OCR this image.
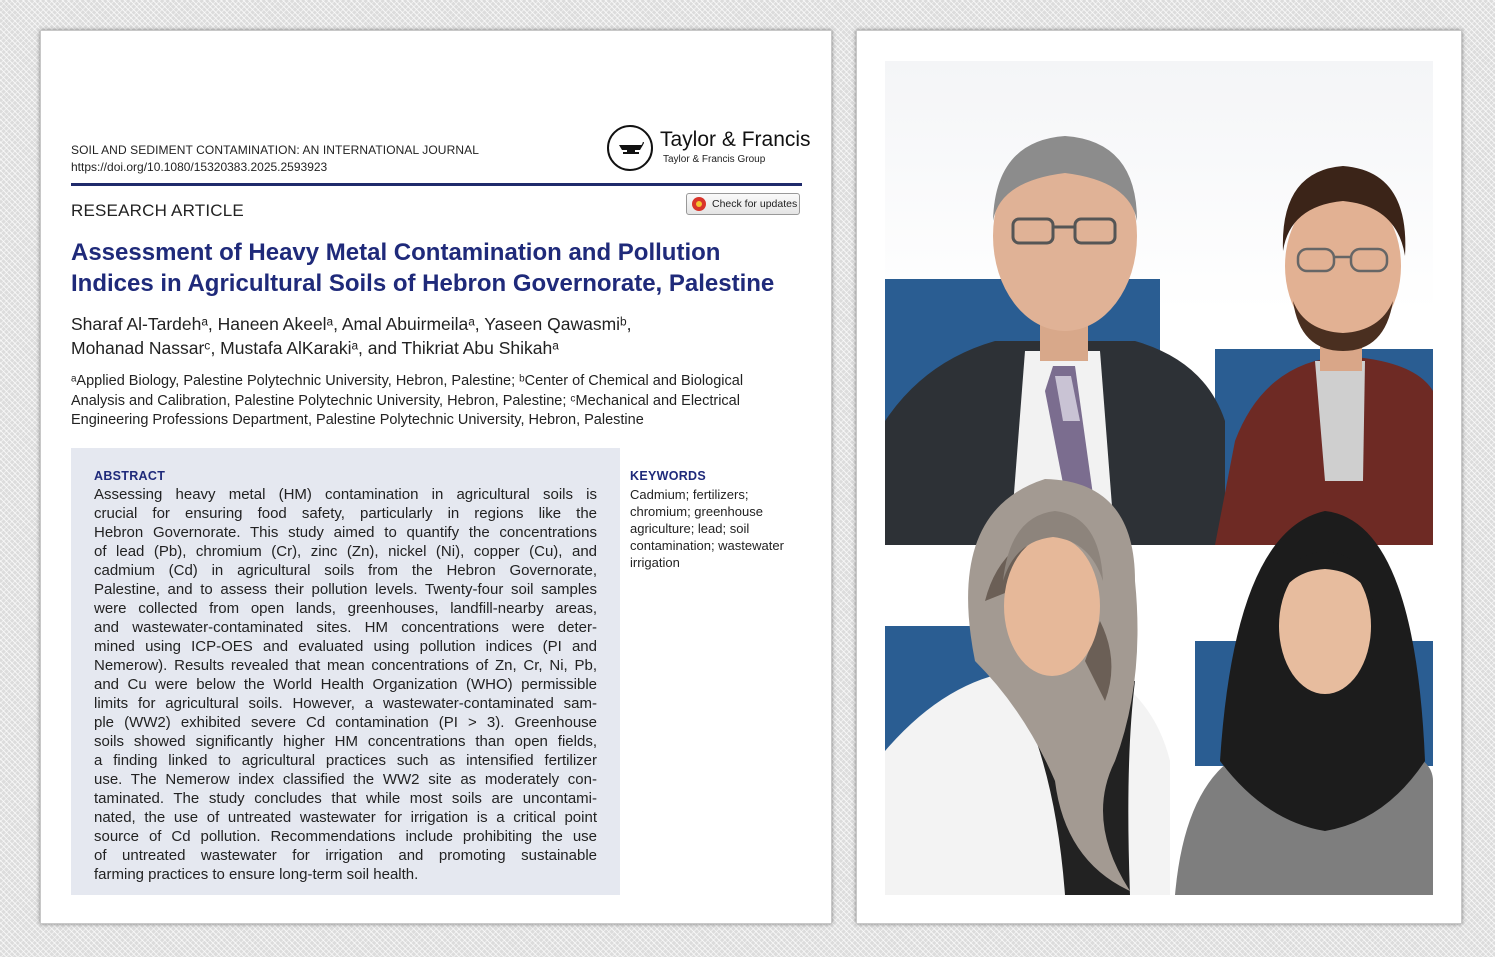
SOIL AND SEDIMENT CONTAMINATION: AN INTERNATIONAL JOURNAL
https://doi.org/10.1080/15320383.2025.2593923
Taylor & Francis
Taylor & Francis Group
RESEARCH ARTICLE	Check for updates
Assessment of Heavy Metal Contamination and Pollution
Indices in Agricultural Soils of Hebron Governorate, Palestine
Sharaf Al-Tardehᵃ, Haneen Akeelᵃ, Amal Abuirmeilaᵃ, Yaseen Qawasmiᵇ,
Mohanad Nassarᶜ, Mustafa AlKarakiᵃ, and Thikriat Abu Shikahᵃ
ᵃApplied Biology, Palestine Polytechnic University, Hebron, Palestine; ᵇCenter of Chemical and Biological
Analysis and Calibration, Palestine Polytechnic University, Hebron, Palestine; ᶜMechanical and Electrical
Engineering Professions Department, Palestine Polytechnic University, Hebron, Palestine
ABSTRACT
Assessing heavy metal (HM) contamination in agricultural soils is
crucial for ensuring food safety, particularly in regions like the
Hebron Governorate. This study aimed to quantify the concentrations
of lead (Pb), chromium (Cr), zinc (Zn), nickel (Ni), copper (Cu), and
cadmium (Cd) in agricultural soils from the Hebron Governorate,
Palestine, and to assess their pollution levels. Twenty-four soil samples
were collected from open lands, greenhouses, landfill-nearby areas,
and wastewater-contaminated sites. HM concentrations were deter-
mined using ICP-OES and evaluated using pollution indices (PI and
Nemerow). Results revealed that mean concentrations of Zn, Cr, Ni, Pb,
and Cu were below the World Health Organization (WHO) permissible
limits for agricultural soils. However, a wastewater-contaminated sam-
ple (WW2) exhibited severe Cd contamination (PI > 3). Greenhouse
soils showed significantly higher HM concentrations than open fields,
a finding linked to agricultural practices such as intensified fertilizer
use. The Nemerow index classified the WW2 site as moderately con-
taminated. The study concludes that while most soils are uncontami-
nated, the use of untreated wastewater for irrigation is a critical point
source of Cd pollution. Recommendations include prohibiting the use
of untreated wastewater for irrigation and promoting sustainable
farming practices to ensure long-term soil health.
KEYWORDS
Cadmium; fertilizers;
chromium; greenhouse
agriculture; lead; soil
contamination; wastewater
irrigation
